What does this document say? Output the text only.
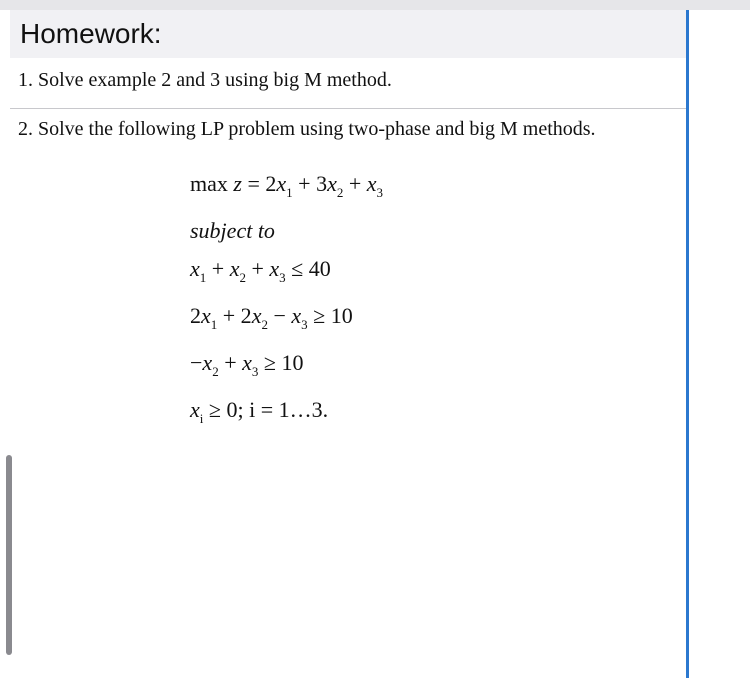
Homework:
1. Solve example 2 and 3 using big M method.
2. Solve the following LP problem using two-phase and big M methods.
$\max z = 2x_1 + 3x_2 + x_3$
subject to
$x_1 + x_2 + x_3 \le 40$
$2x_1 + 2x_2 - x_3 \ge 10$
$-x_2 + x_3 \ge 10$
$x_i \ge 0$; i = 1…3.
